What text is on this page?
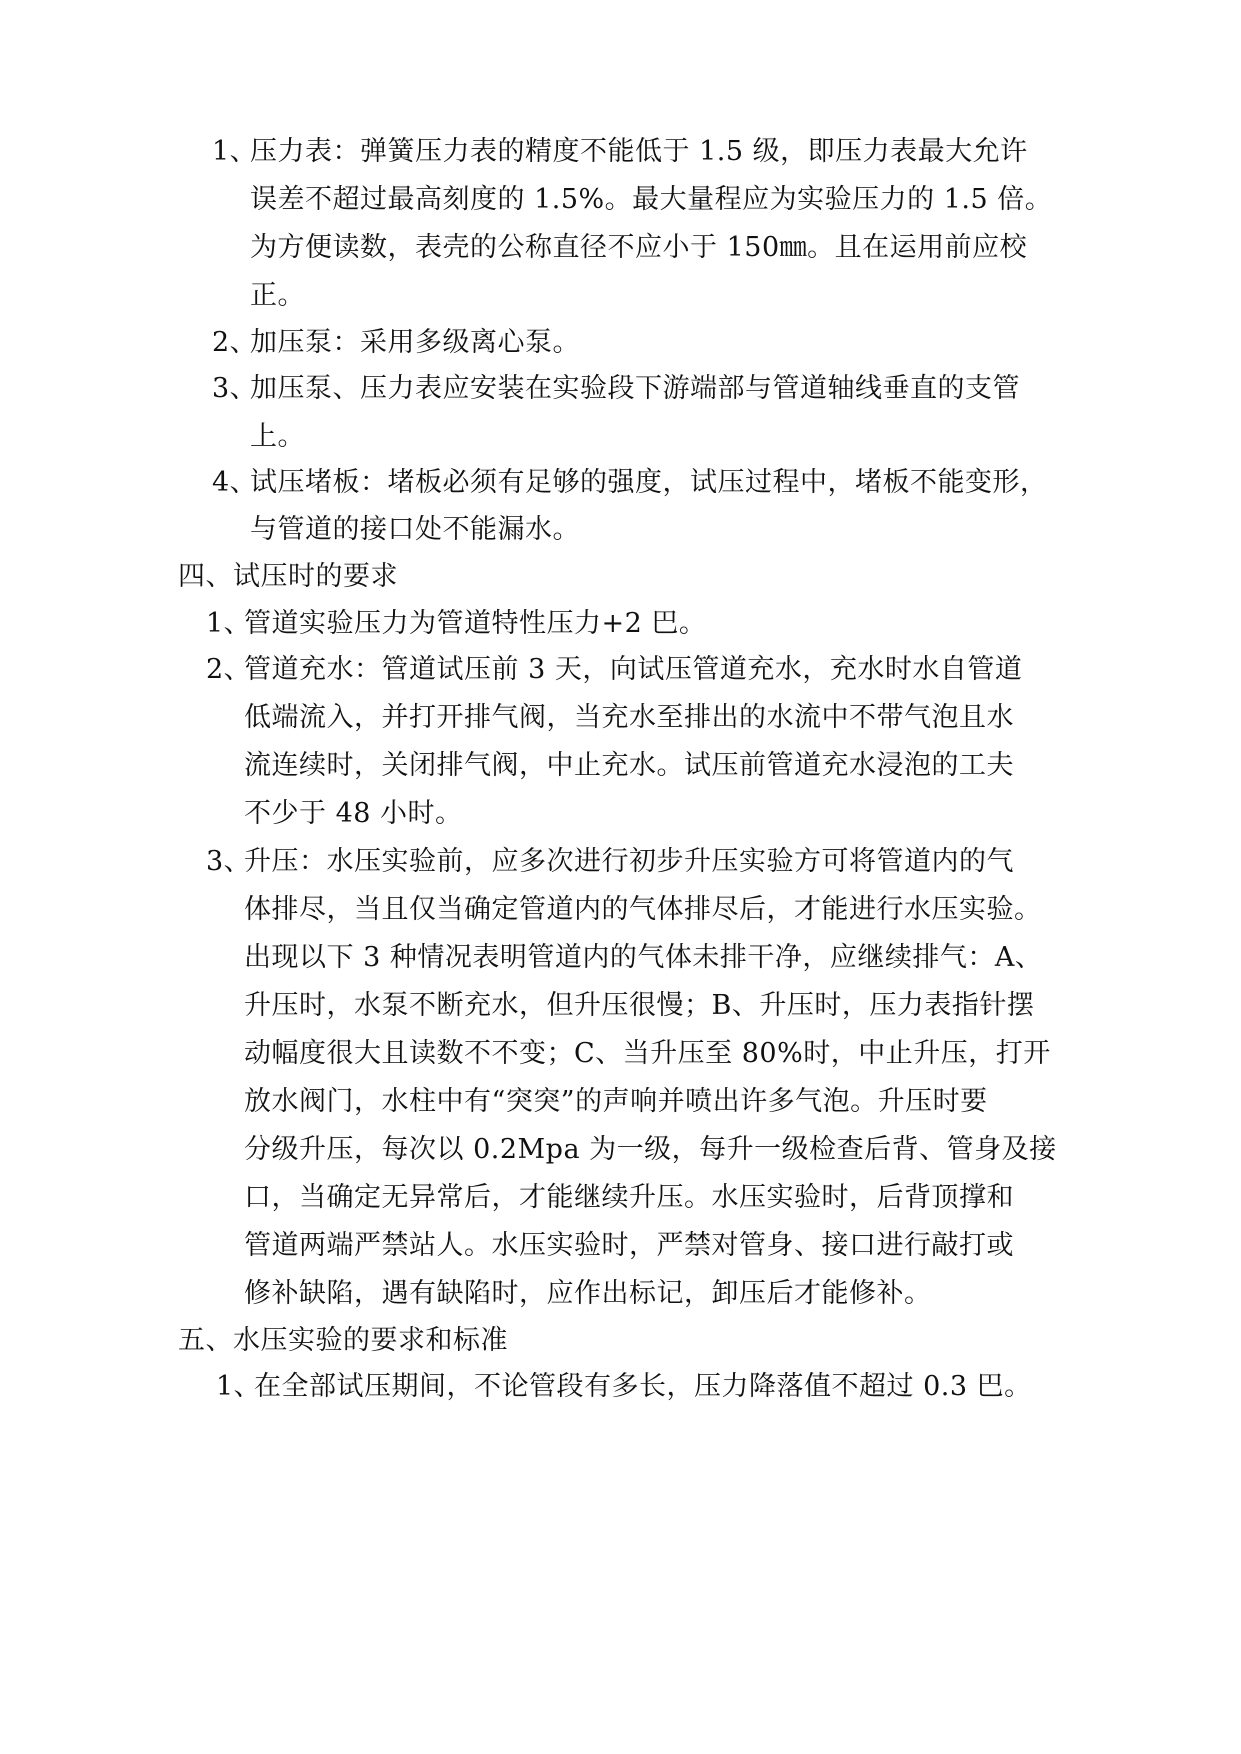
1、
压力表：弹簧压力表的精度不能低于 1.5 级，即压力表最大允许
误差不超过最高刻度的 1.5%。最大量程应为实验压力的 1.5 倍。
为方便读数，表壳的公称直径不应小于 150㎜。且在运用前应校
正。
2、
加压泵：采用多级离心泵。
3、
加压泵、压力表应安装在实验段下游端部与管道轴线垂直的支管
上。
4、
试压堵板：堵板必须有足够的强度，试压过程中，堵板不能变形，
与管道的接口处不能漏水。
四、试压时的要求
1、
管道实验压力为管道特性压力+2 巴。
2、
管道充水：管道试压前 3 天，向试压管道充水，充水时水自管道
低端流入，并打开排气阀，当充水至排出的水流中不带气泡且水
流连续时，关闭排气阀，中止充水。试压前管道充水浸泡的工夫
不少于 48 小时。
3、
升压：水压实验前，应多次进行初步升压实验方可将管道内的气
体排尽，当且仅当确定管道内的气体排尽后，才能进行水压实验。
出现以下 3 种情况表明管道内的气体未排干净，应继续排气：A、
升压时，水泵不断充水，但升压很慢；B、升压时，压力表指针摆
动幅度很大且读数不不变；C、当升压至 80%时，中止升压，打开
放水阀门，水柱中有“突突”的声响并喷出许多气泡。升压时要
分级升压，每次以 0.2Mpa 为一级，每升一级检查后背、管身及接
口，当确定无异常后，才能继续升压。水压实验时，后背顶撑和
管道两端严禁站人。水压实验时，严禁对管身、接口进行敲打或
修补缺陷，遇有缺陷时，应作出标记，卸压后才能修补。
五、水压实验的要求和标准
1、
在全部试压期间，不论管段有多长，压力降落值不超过 0.3 巴。
